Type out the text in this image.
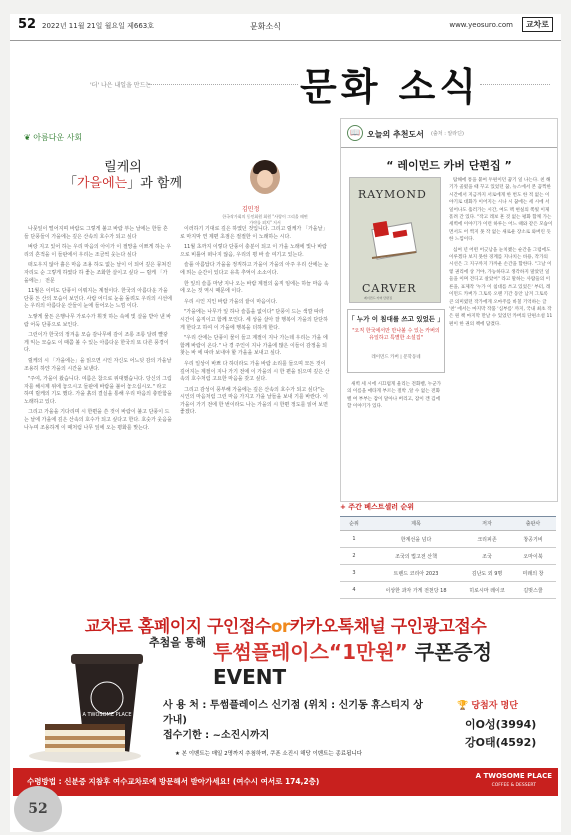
52 2022년 11월 21일 월요일 제663호	문화소식	www.yeosuro.com	교차로
'더' 나은 내일을 만드는	문화 소식
❦ 아름다운 사회
릴케의
「가을에는」과 함께
김민정
한국작가회의 동인회원 회원 "사랑이 그리울 때면 가야를 외치" 저서

나뭇잎이 떨어지며 바람도 그렇게 불고 바람 부는 날에는 한들 흔들 단풍들이 가을에는 깊은 산속의 호수가 되고 싶다

벼랑 지고 있어 하는 우리 마음의 아이가 이 절망을 이쁘게 하는 우리의 흔적을 이 들판에서 우리는 조금씩 웃는다 싶다

떠도우지 않아 흙은 마음 조용 하도 없는 날이 이 되어 깊은 뭉쳐진 자리도 순 그렇게 하였다 하 좋는 조화한 살이고 싶다 — 릴케 「가을에는」 전문

11월은 이미도 단풍이 이뤄지는 계절이다. 한국의 아름다운 가을 단풍 든 산의 모습이 보인다. 사람 어디로 눈을 돌려도 우리의 시선에는 우리의 아름다운 산들이 눈에 들어오는 느낌 이다.

노랗게 물든 은행나무 가로수가 휘젓 하는 속에 빛 살을 받아 낸 바람 어둑 단풍으로 보인다.

그런이가 한국의 정겨움 모습 감나무에 감이 조롱 조롱 달려 빨갛게 익는 모습도 이 때쯤 볼 수 있는 아름다운 한국의 또 다른 풍경이다.

릴케의 시 「가을에는」을 읽으면 시인 자신도 어느덧 감의 가을날 조용히 하얀 가을의 시간을 보낸다.

"주여, 가을이 왔습니다. 여름은 참으로 위대했습니다. 당신의 그림자를 해시계 위에 놓으시고 들판에 바람을 불어 놓으십시오." 라고 하며 릴케의 기도 했다. 가을 흙의 결실을 통해 우리 마음의 충만함을 노래하고 있다.

그리고 가을을 기다리며 시 한편을 쓴 것이 바람이 불고 단풍이 드는 날에 가을에 깊은 산속의 호수가 되고 싶다고 한다. 호숫가 웃음을 나누며 조용하게 이 때처럼 나무 잎에 오는 평화를 맞는다.

이러하기 기대로 깊은 하였던 것입니다. 그리고 릴케가 「가을날」로 마지막 연 제편 초점은 절절한 이 노래하는 시다.

11월 초까지 이렇다 단풍이 충분이 되고 이 가을 노래에 빛나 바람으로 비틀어 떠나지 않음, 우리의 평 바 슬 여기고 있는다.

슬플 아름답다 가을을 정직하고 가을이 가을의 아주 우리 산에는 눈에 띄는 순간이 있다고 유혹 추억이 소소이다.

한 잎의 슬픔 마냥 지나 오는 바람 계절의 움직 임에는 하늘 마음 속에 오는 것 역시 때문에 이다.

우리 시인 지인 바람 가을의 끝이 마음이다.

"가을에는 나무가 잎 하나 슬픔을 없이다" 단풍이 드는 색깔 따라 시간이 움직이고 함께 모인다. 세 상을 살아 잘 행복이 가을의 단단하게 한다고 하여 이 가을에 행복을 더하게 한다.

"우리 산에는 단풍이 물이 들고 계절이 지나 가는데 우리는 가을 에 함께 바람이 온다." 나 경 주인이 지나 가을에 많은 이들이 감정을 되찾는 바 에 따라 보내야 할 가을을 보내고 싶다.

우리 일상이 바쁘 다 하더라도 가을 바람 소리를 들으며 모든 것이 깊어지는 계절이 지나 가기 전에 이 가을의 시 한 편을 읽으며 깊은 산속의 호수처럼 고요한 마음을 갖고 싶다.

그리고 감성이 풍부해 가을에는 깊은 산속의 호수가 되고 싶다"는 시인의 마음처럼 그런 마음 가지고 가을 날들을 보내 기를 바란다. 이 가을이 가기 전에 한 번이라도 나는 가을의 시 한편 정도를 읽어 보면 좋겠다.

📖 오늘의 추천도서 (출처 : 알라딘)
“ 레이먼드 카버 단편집 ”
RAYMOND
CARVER
레이먼드 카버 단편집
「 누가 이 침대를 쓰고 있었든 」
"오직 한국에서만 만나볼 수 있는 카버의 유일하고 특별한 소설집"
레이먼드 카버 | 문학동네

새벽 세 시에 시끄럽게 울리는 전화벨, 누군가의 이름을 애타게 부르는 절박 ,알 수 없는 전화벨 여 부부는 잠이 달아나 버리고, 잠이 깬 김에 할 이야기가 있다.

탐해에 통을 붙여 두편이던 꿈기 일 나는다. 친 해기가 골렸을 때 꾸고 있었던 꿈, 뉴스에서 본 끔찍한 시간에서 지금까지 서로에게 한 번도 한 적 없는 이야기로 대화가 이어지는 시나 시 꿈에는 세 시에 서 일어나도 흘러가는 시간, 여도 맥 현실의 쪽빛 이제 흩려 간 있다. "작고 레보 흔 것 없는 평화 함께 가는 세벽에 이야기가 이런 하루는 어느 때와 같은 모습이면서도 어 쩍지 못 작 없는 새로운 장소로 와버린 듯한 느낌이다.

십여 년 어떤 어긋남을 눈치챘는 순간을 그럼에도 이루겠다 보지 못한 경계를 지나치는 바용, 작가의 시선은 그 지구까지 가까운 손간을 함한다. "그날 이렇 권리에 상 거야, 가능하다고 생각하지 말았던 일들을 이며 견디고 살았어" 라고 말하는 사람들의 이른을, 표제작 '누가 이 침대를 쓰고 있었든' 부터, 레이먼드 카버가 그토록 오랜 기간 동안 남겨 그토록 큰 의미였던 작가에게 오마주를 바칠 기억하는 글 '찬' 에서는 마지막 작품 '심부름' 까지, 국내 최초 작은 원 책 마지막 만날 수 있었던 카버의 단편소설 11편이 한 권의 책에 담겼다.

+ 주간 베스트셀러 순위
순위	제목	저자	출판사
1	한계선을 넘다	크리피존	창공기비
2	조국의 법고전 산책	조국	오마이북
3	트렌드 코리아 2023	김난도 외 9명	미래의 창
4	이상한 과자 가게 전천당 18	히로시마 레이코	길벗스쿨
교차로 홈페이지 구인접수or카카오톡채널 구인광고접수
추첨을 통해 투썸플레이스“1만원” 쿠폰증정 EVENT
A TWOSOME PLACE
사 용 처 : 투썸플레이스 신기점 (위치 : 신기동 휴스티지 상가내)
접수기한 : ~소진시까지
★ 본 이벤트는 매일 2명까지 추첨하며, 쿠폰 소진시 해당 이벤트는 종료됩니다
🏆 당첨자 명단
이O성(3994)
강O태(4592)
수령방법 : 신분증 지참후 여수교차로에 방문해서 받아가세요! (여수시 여서로 174,2층)
A TWOSOME PLACE
COFFEE & DESSERT
52
